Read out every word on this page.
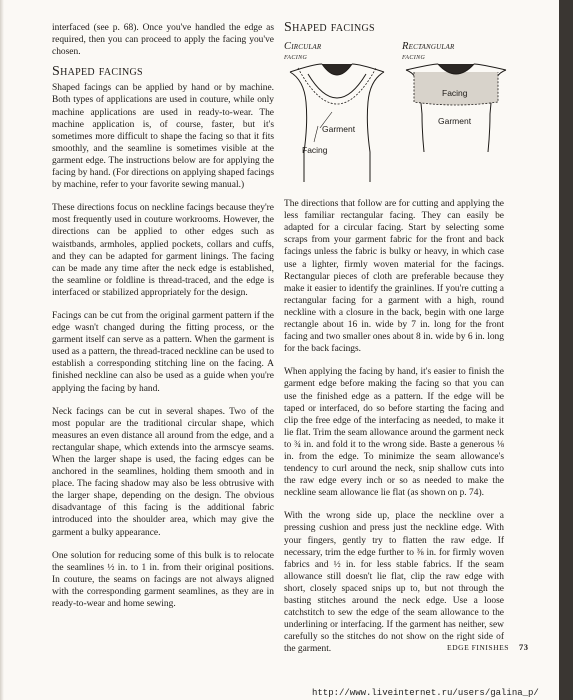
interfaced (see p. 68). Once you've handled the edge as required, then you can proceed to apply the facing you've chosen.

Shaped facings

Shaped facings can be applied by hand or by machine. Both types of applications are used in couture, while only machine applications are used in ready-to-wear. The machine application is, of course, faster, but it's sometimes more difficult to shape the facing so that it fits smoothly, and the seamline is sometimes visible at the garment edge. The instructions below are for applying the facing by hand. (For directions on applying shaped facings by machine, refer to your favorite sewing manual.)

These directions focus on neckline facings because they're most frequently used in couture workrooms. However, the directions can be applied to other edges such as waistbands, armholes, applied pockets, collars and cuffs, and they can be adapted for garment linings. The facing can be made any time after the neck edge is established, the seamline or foldline is thread-traced, and the edge is interfaced or stabilized appropriately for the design.

Facings can be cut from the original garment pattern if the edge wasn't changed during the fitting process, or the garment itself can serve as a pattern. When the garment is used as a pattern, the thread-traced neckline can be used to establish a corresponding stitching line on the facing. A finished neckline can also be used as a guide when you're applying the facing by hand.

Neck facings can be cut in several shapes. Two of the most popular are the traditional circular shape, which measures an even distance all around from the edge, and a rectangular shape, which extends into the armscye seams. When the larger shape is used, the facing edges can be anchored in the seamlines, holding them smooth and in place. The facing shadow may also be less obtrusive with the larger shape, depending on the design. The obvious disadvantage of this facing is the additional fabric introduced into the shoulder area, which may give the garment a bulky appearance.

One solution for reducing some of this bulk is to relocate the seamlines ½ in. to 1 in. from their original positions. In couture, the seams on facings are not always aligned with the corresponding garment seamlines, as they are in ready-to-wear and home sewing.

Shaped facings
Circular
facing
Rectangular
facing
Garment
Facing
Facing
Garment

The directions that follow are for cutting and applying the less familiar rectangular facing. They can easily be adapted for a circular facing. Start by selecting some scraps from your garment fabric for the front and back facings unless the fabric is bulky or heavy, in which case use a lighter, firmly woven material for the facings. Rectangular pieces of cloth are preferable because they make it easier to identify the grainlines. If you're cutting a rectangular facing for a garment with a high, round neckline with a closure in the back, begin with one large rectangle about 16 in. wide by 7 in. long for the front facing and two smaller ones about 8 in. wide by 6 in. long for the back facings.

When applying the facing by hand, it's easier to finish the garment edge before making the facing so that you can use the finished edge as a pattern. If the edge will be taped or interfaced, do so before starting the facing and clip the free edge of the interfacing as needed, to make it lie flat. Trim the seam allowance around the garment neck to ¾ in. and fold it to the wrong side. Baste a generous ⅛ in. from the edge. To minimize the seam allowance's tendency to curl around the neck, snip shallow cuts into the raw edge every inch or so as needed to make the neckline seam allowance lie flat (as shown on p. 74).

With the wrong side up, place the neckline over a pressing cushion and press just the neckline edge. With your fingers, gently try to flatten the raw edge. If necessary, trim the edge further to ⅜ in. for firmly woven fabrics and ½ in. for less stable fabrics. If the seam allowance still doesn't lie flat, clip the raw edge with short, closely spaced snips up to, but not through the basting stitches around the neck edge. Use a loose catchstitch to sew the edge of the seam allowance to the underlining or interfacing. If the garment has neither, sew carefully so the stitches do not show on the right side of the garment.	EDGE FINISHES 73
http://www.liveinternet.ru/users/galina_p/
